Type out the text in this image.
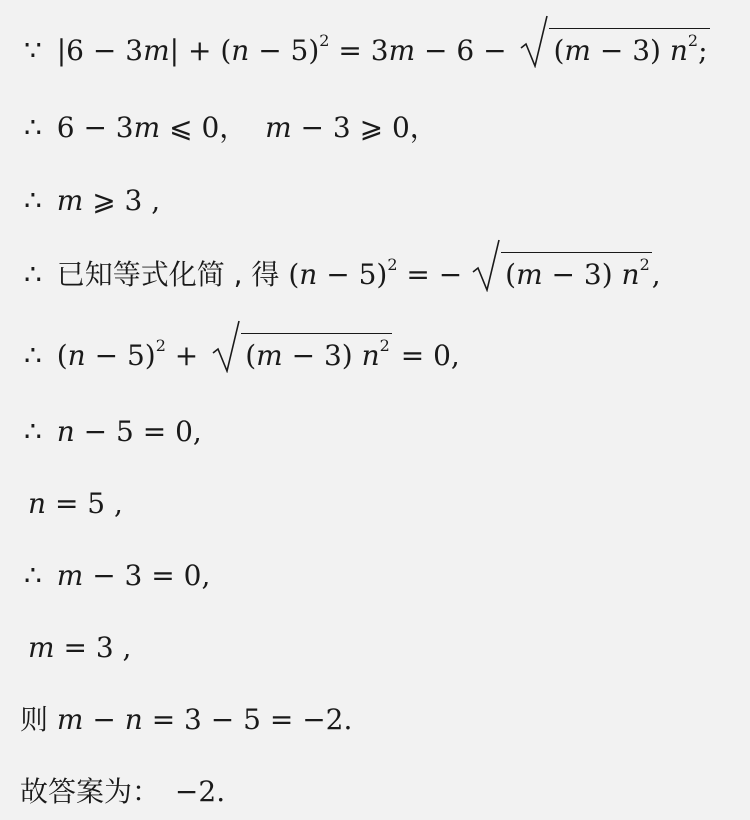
∵ $|6 - 3m| + (n - 5)^2 = 3m - 6 - (m - 3)$ $n^2$;
∴ 6 − 3m ⩽ 0，  m − 3 ⩾ 0，
∴ m ⩾ 3 ,
∴ 已知等式化简 , 得 $(n - 5)^2$ = − (m − 3) $n^2$,
∴ $(n - 5)^2 + (m - 3)$ $n^2 = 0$,
∴ n − 5 = 0,
n = 5 ,
∴ m − 3 = 0,
m = 3 ,
则 m − n = 3 − 5 = −2.
故答案为： −2.
